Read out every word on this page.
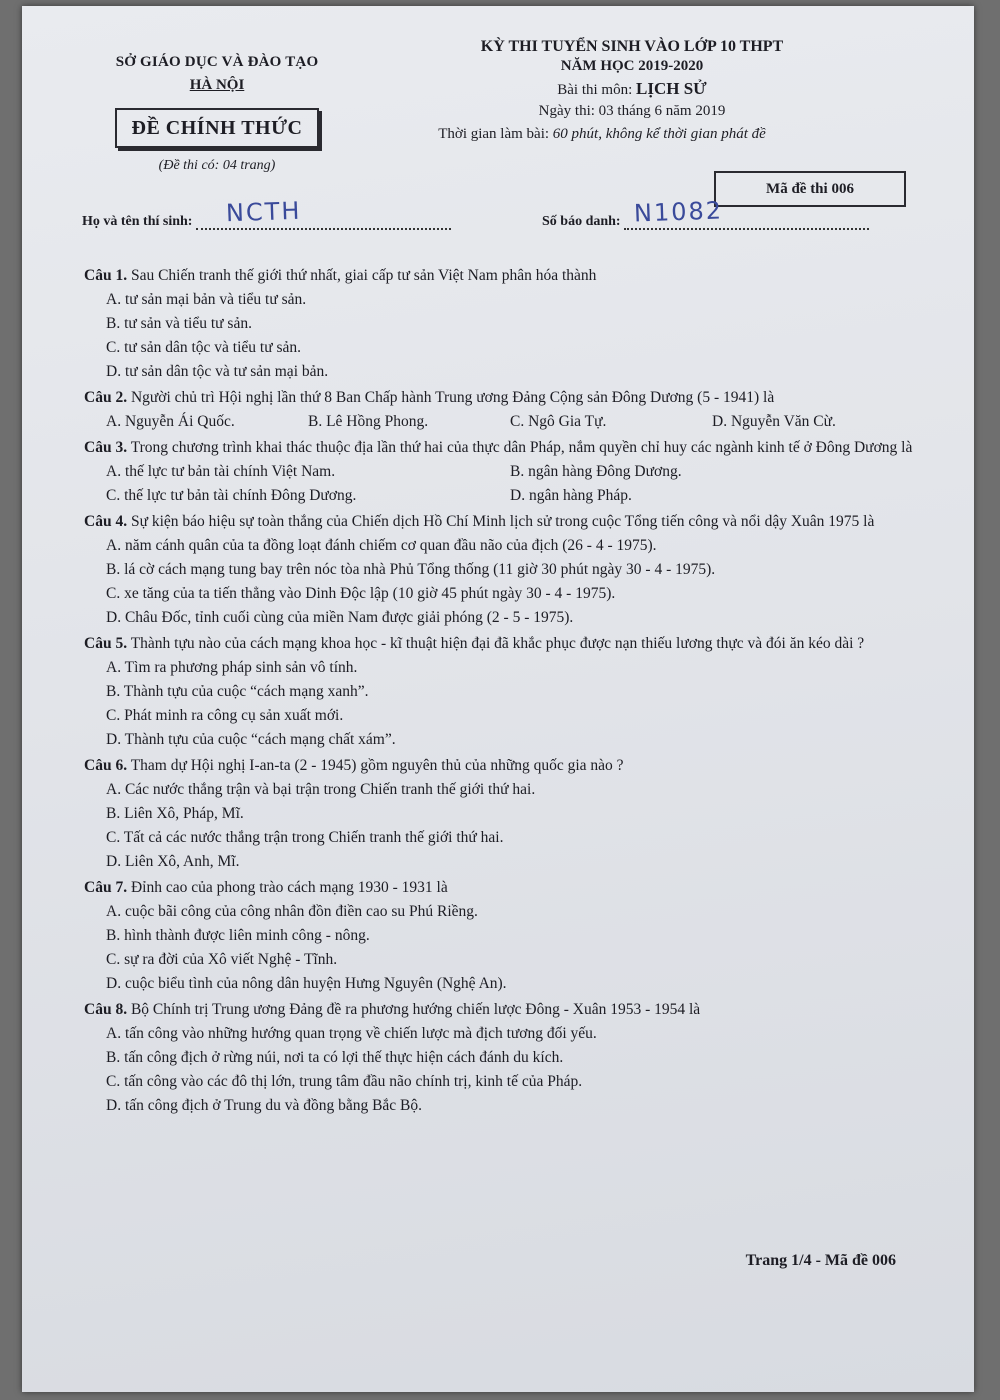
SỞ GIÁO DỤC VÀ ĐÀO TẠO
HÀ NỘI
ĐỀ CHÍNH THỨC
(Đề thi có: 04 trang)
KỲ THI TUYỂN SINH VÀO LỚP 10 THPT
NĂM HỌC 2019-2020
Bài thi môn: LỊCH SỬ
Ngày thi: 03 tháng 6 năm 2019
Thời gian làm bài: 60 phút, không kể thời gian phát đề
Mã đề thi 006
Họ và tên thí sinh: NCTH	Số báo danh: N1082
Câu 1. Sau Chiến tranh thế giới thứ nhất, giai cấp tư sản Việt Nam phân hóa thành
A. tư sản mại bản và tiểu tư sản.
B. tư sản và tiểu tư sản.
C. tư sản dân tộc và tiểu tư sản.
D. tư sản dân tộc và tư sản mại bản.
Câu 2. Người chủ trì Hội nghị lần thứ 8 Ban Chấp hành Trung ương Đảng Cộng sản Đông Dương (5 - 1941) là
A. Nguyễn Ái Quốc.	B. Lê Hồng Phong.	C. Ngô Gia Tự.	D. Nguyễn Văn Cừ.
Câu 3. Trong chương trình khai thác thuộc địa lần thứ hai của thực dân Pháp, nắm quyền chỉ huy các ngành kinh tế ở Đông Dương là
A. thế lực tư bản tài chính Việt Nam.	B. ngân hàng Đông Dương.
C. thế lực tư bản tài chính Đông Dương.	D. ngân hàng Pháp.
Câu 4. Sự kiện báo hiệu sự toàn thắng của Chiến dịch Hồ Chí Minh lịch sử trong cuộc Tổng tiến công và nổi dậy Xuân 1975 là
A. năm cánh quân của ta đồng loạt đánh chiếm cơ quan đầu não của địch (26 - 4 - 1975).
B. lá cờ cách mạng tung bay trên nóc tòa nhà Phủ Tổng thống (11 giờ 30 phút ngày 30 - 4 - 1975).
C. xe tăng của ta tiến thẳng vào Dinh Độc lập (10 giờ 45 phút ngày 30 - 4 - 1975).
D. Châu Đốc, tỉnh cuối cùng của miền Nam được giải phóng (2 - 5 - 1975).
Câu 5. Thành tựu nào của cách mạng khoa học - kĩ thuật hiện đại đã khắc phục được nạn thiếu lương thực và đói ăn kéo dài ?
A. Tìm ra phương pháp sinh sản vô tính.
B. Thành tựu của cuộc “cách mạng xanh”.
C. Phát minh ra công cụ sản xuất mới.
D. Thành tựu của cuộc “cách mạng chất xám”.
Câu 6. Tham dự Hội nghị I-an-ta (2 - 1945) gồm nguyên thủ của những quốc gia nào ?
A. Các nước thắng trận và bại trận trong Chiến tranh thế giới thứ hai.
B. Liên Xô, Pháp, Mĩ.
C. Tất cả các nước thắng trận trong Chiến tranh thế giới thứ hai.
D. Liên Xô, Anh, Mĩ.
Câu 7. Đỉnh cao của phong trào cách mạng 1930 - 1931 là
A. cuộc bãi công của công nhân đồn điền cao su Phú Riềng.
B. hình thành được liên minh công - nông.
C. sự ra đời của Xô viết Nghệ - Tĩnh.
D. cuộc biểu tình của nông dân huyện Hưng Nguyên (Nghệ An).
Câu 8. Bộ Chính trị Trung ương Đảng đề ra phương hướng chiến lược Đông - Xuân 1953 - 1954 là
A. tấn công vào những hướng quan trọng về chiến lược mà địch tương đối yếu.
B. tấn công địch ở rừng núi, nơi ta có lợi thế thực hiện cách đánh du kích.
C. tấn công vào các đô thị lớn, trung tâm đầu não chính trị, kinh tế của Pháp.
D. tấn công địch ở Trung du và đồng bằng Bắc Bộ.
Trang 1/4 - Mã đề 006
